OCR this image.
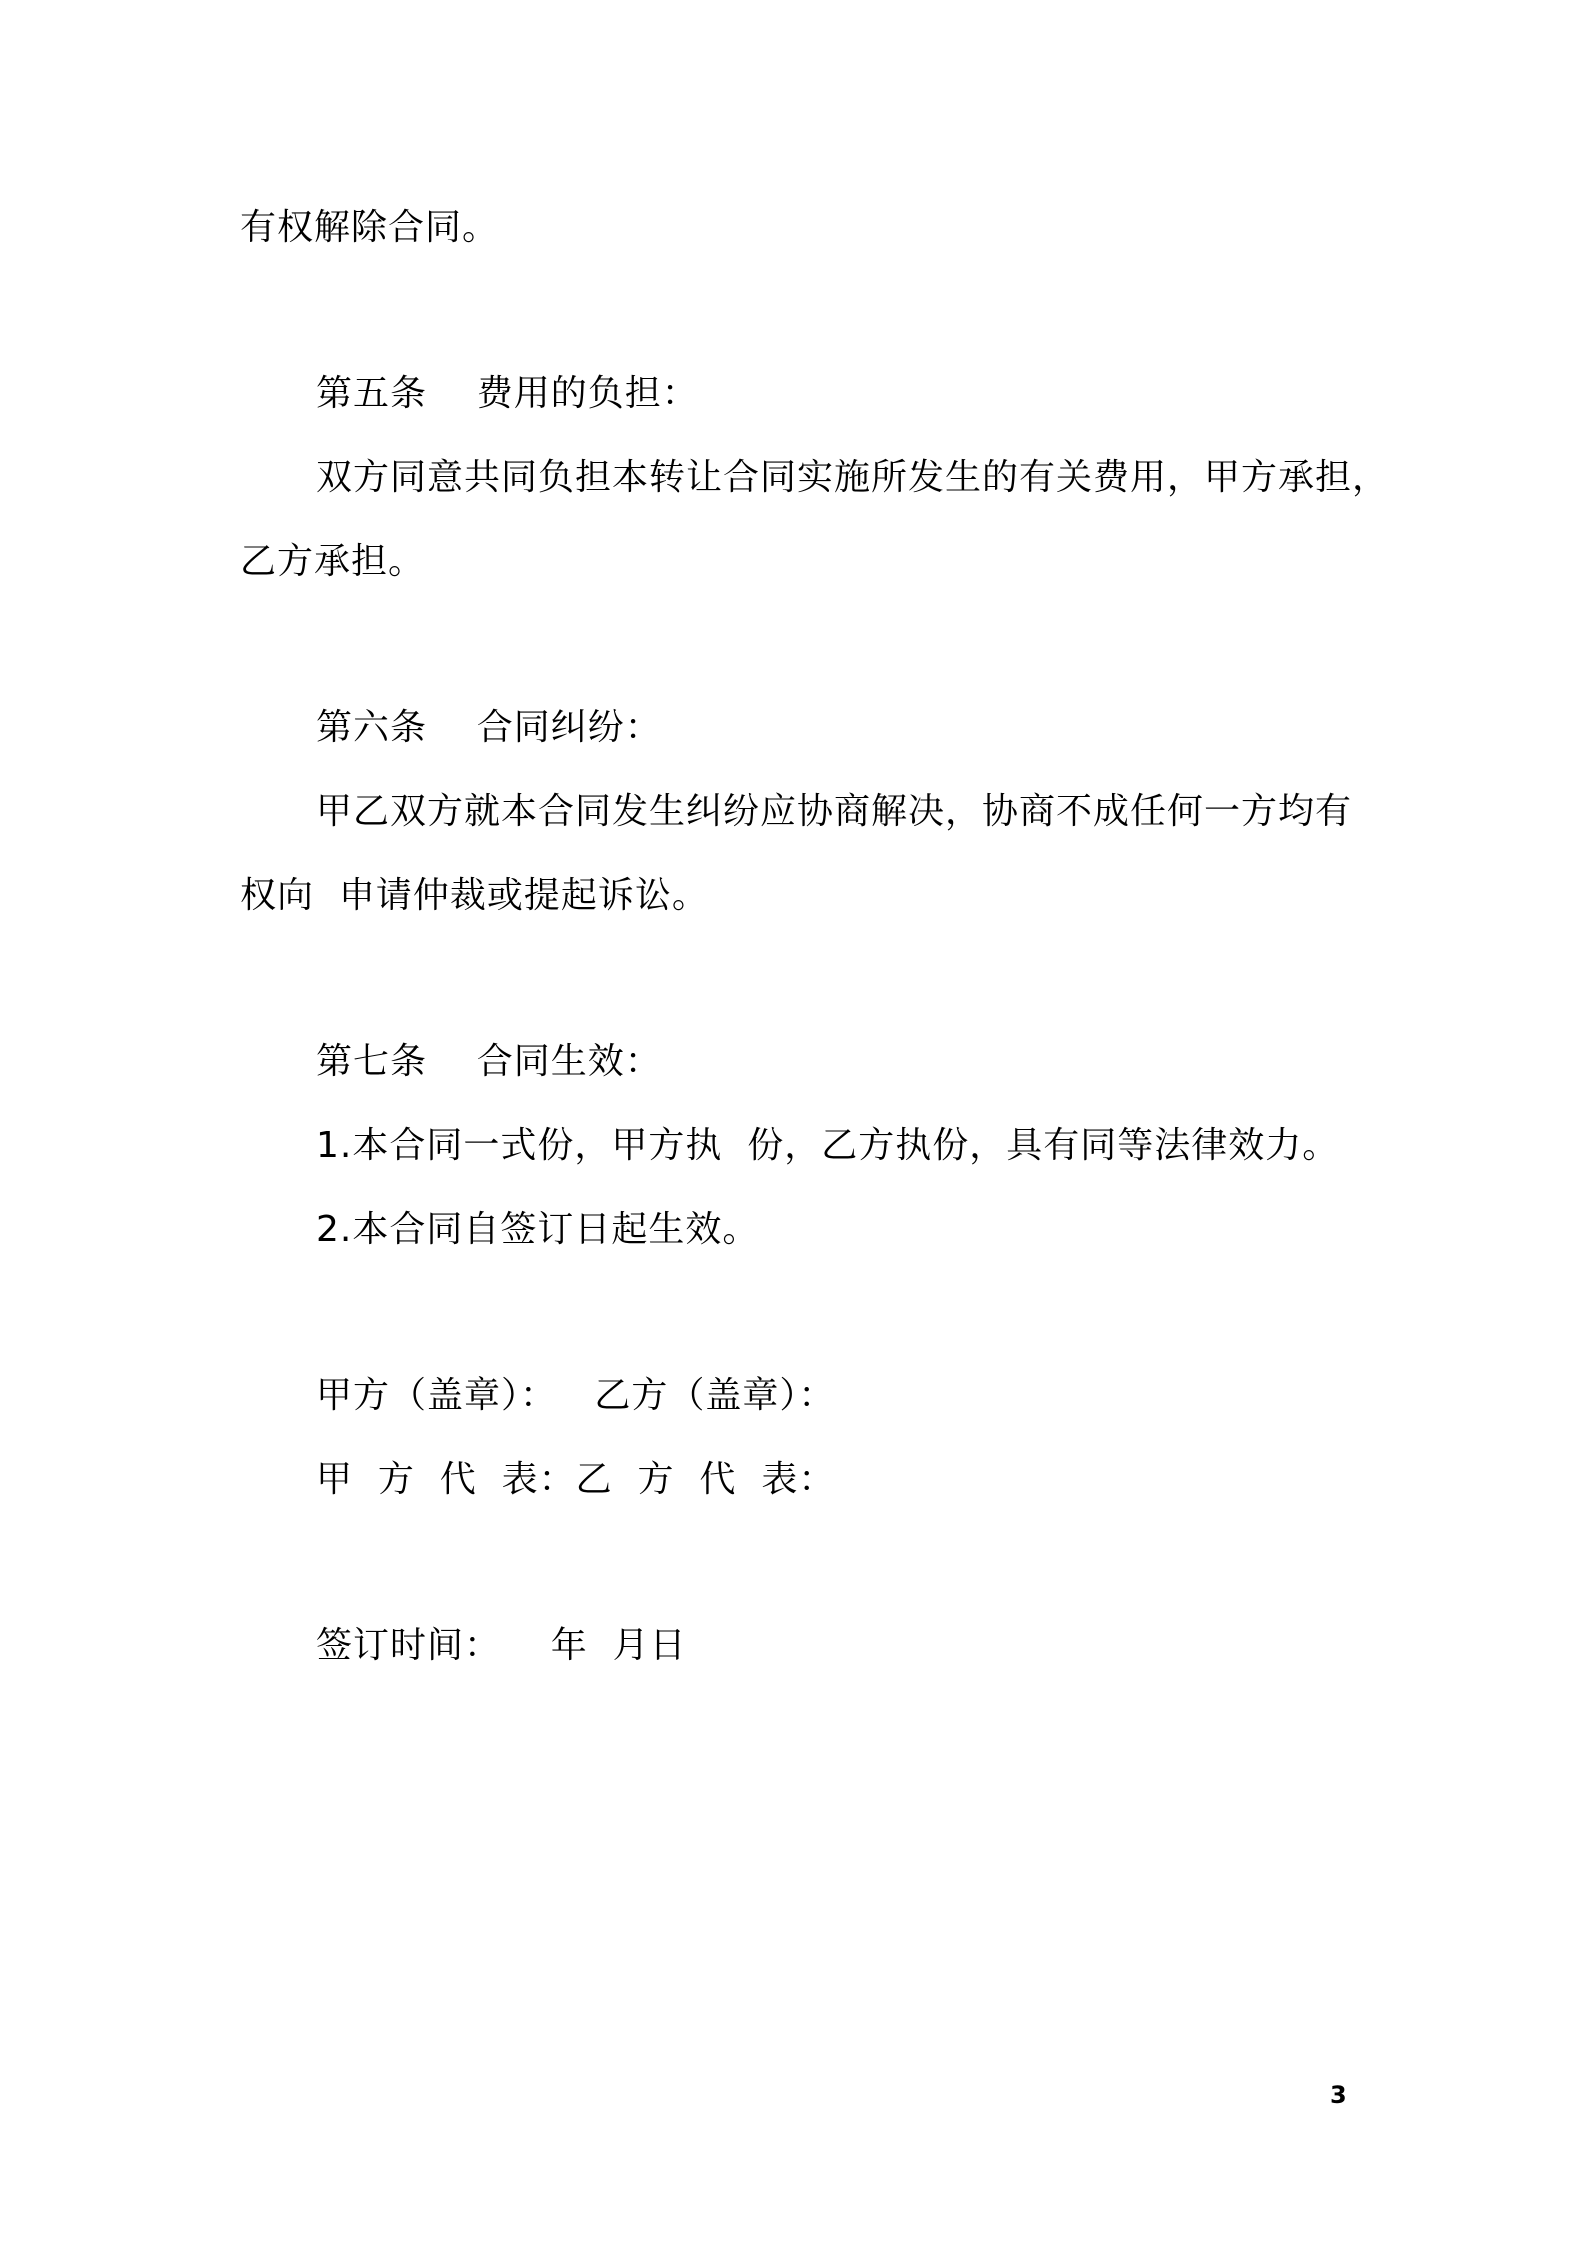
有权解除合同。
第五条    费用的负担：
双方同意共同负担本转让合同实施所发生的有关费用，甲方承担，
乙方承担。
第六条    合同纠纷：
甲乙双方就本合同发生纠纷应协商解决，协商不成任何一方均有
权向  申请仲裁或提起诉讼。
第七条    合同生效：
1.本合同一式份，甲方执  份，乙方执份，具有同等法律效力。
2.本合同自签订日起生效。
甲方（盖章）：   乙方（盖章）：
甲  方  代  表：乙  方  代  表：
签订时间：    年  月日
3
